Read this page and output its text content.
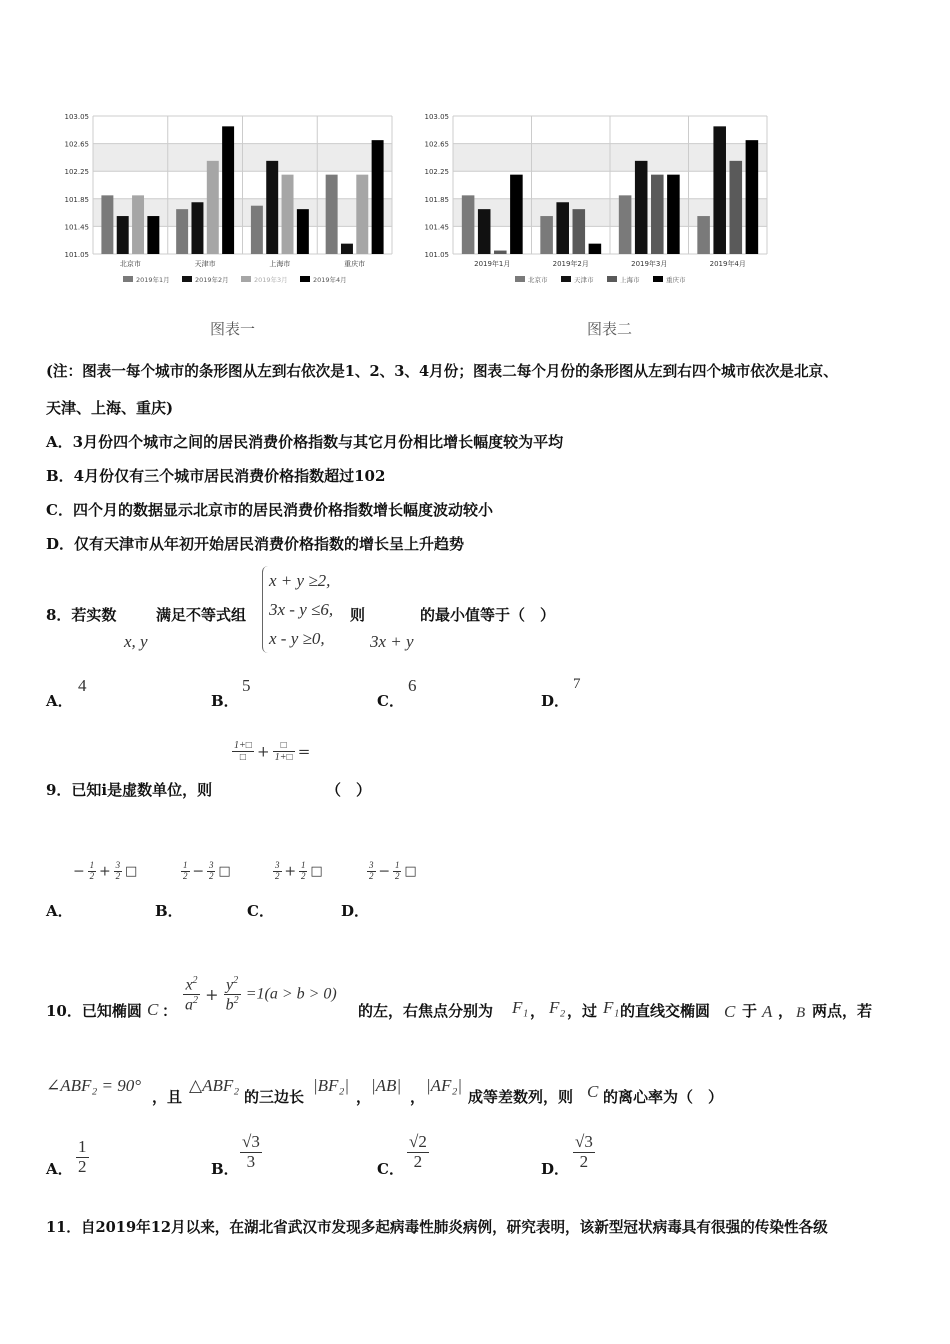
103.05
102.65
102.25
101.85
101.45
101.05
北京市	天津市	上海市	重庆市
2019年1月	2019年2月	2019年3月	2019年4月
图表一
103.05
102.65
102.25
101.85
101.45
101.05
2019年1月	2019年2月	2019年3月	2019年4月
北京市	天津市	上海市	重庆市
图表二
(注：图表一每个城市的条形图从左到右依次是1、2、3、4月份；图表二每个月份的条形图从左到右四个城市依次是北京、
天津、上海、重庆)
A．3月份四个城市之间的居民消费价格指数与其它月份相比增长幅度较为平均
B．4月份仅有三个城市居民消费价格指数超过102
C．四个月的数据显示北京市的居民消费价格指数增长幅度波动较小
D．仅有天津市从年初开始居民消费价格指数的增长呈上升趋势
8．若实数
x, y
满足不等式组
x + y ≥2,
3x - y ≤6,
x - y ≥0,
则
3x + y
的最小值等于（　）
A．
4
B．
5
C．
6
D．
7
$\frac{1+□}{□} + \frac{□}{1+□}$ =
9．已知i是虚数单位，则	（　）
− $\frac{1}{2} + \frac{3}{2}$ □	$\frac{1}{2} - \frac{3}{2}$ □	$\frac{3}{2} + \frac{1}{2}$ □	$\frac{3}{2} - \frac{1}{2}$ □
A．	B．	C．	D．
10．已知椭圆 C ： $\frac{x^2}{a^2} + \frac{y^2}{b^2} =1(a > b > 0)$
的左，右焦点分别为 F₁ ， F₂ ，过 F₁ 的直线交椭圆 C 于 A ， B 两点，若
∠ABF₂ = 90°
，且
△ABF₂
的三边长
|BF₂|
，
|AB|
，
|AF₂|
成等差数列，则 C 的离心率为（　）
A． $\frac{1}{2}$	B． $\frac{√3}{3}$	C． $\frac{√2}{2}$	D． $\frac{√3}{2}$
11．自2019年12月以来，在湖北省武汉市发现多起病毒性肺炎病例，研究表明，该新型冠状病毒具有很强的传染性各级
